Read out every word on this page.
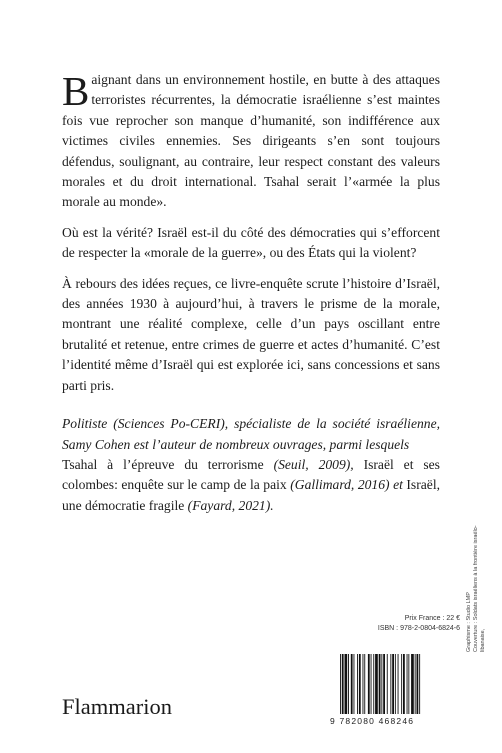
Baignant dans un environnement hostile, en butte à des attaques terroristes récurrentes, la démocratie israélienne s’est maintes fois vue reprocher son manque d’humanité, son indifférence aux victimes civiles ennemies. Ses dirigeants s’en sont toujours défendus, soulignant, au contraire, leur respect constant des valeurs morales et du droit international. Tsahal serait l’«armée la plus morale au monde».

Où est la vérité? Israël est-il du côté des démocraties qui s’efforcent de respecter la «morale de la guerre», ou des États qui la violent?

À rebours des idées reçues, ce livre-enquête scrute l’histoire d’Israël, des années 1930 à aujourd’hui, à travers le prisme de la morale, montrant une réalité complexe, celle d’un pays oscillant entre brutalité et retenue, entre crimes de guerre et actes d’humanité. C’est l’identité même d’Israël qui est explorée ici, sans concessions et sans parti pris.

Politiste (Sciences Po-CERI), spécialiste de la société israélienne, Samy Cohen est l’auteur de nombreux ouvrages, parmi lesquels

Tsahal à l’épreuve du terrorisme (Seuil, 2009), Israël et ses colombes: enquête sur le camp de la paix (Gallimard, 2016) et Israël, une démocratie fragile (Fayard, 2021).

Graphisme : Studio LMP Couverture : Soldats israéliens à la frontière israélo-libanaise,
Prix France : 22 €
ISBN : 978-2-0804-6824-6
9 782080 468246
Flammarion
